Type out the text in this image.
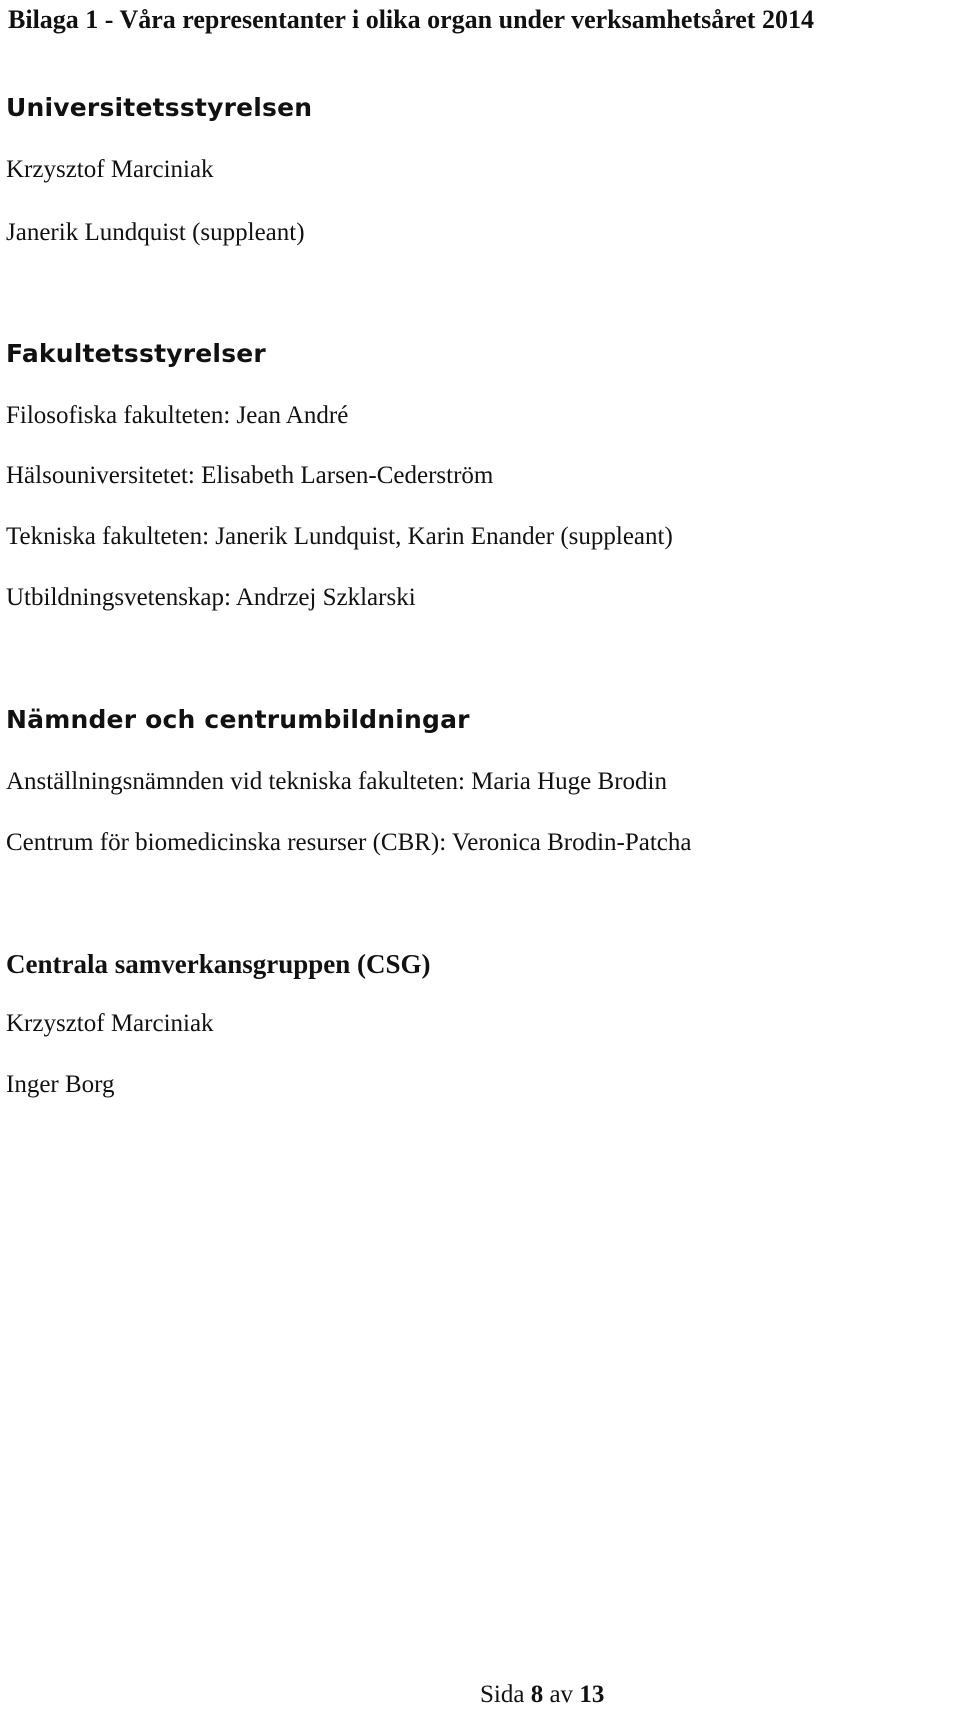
Bilaga 1 - Våra representanter i olika organ under verksamhetsåret 2014
Universitetsstyrelsen

Krzysztof Marciniak

Janerik Lundquist (suppleant)

Fakultetsstyrelser

Filosofiska fakulteten: Jean André

Hälsouniversitetet: Elisabeth Larsen-Cederström

Tekniska fakulteten: Janerik Lundquist, Karin Enander (suppleant)

Utbildningsvetenskap: Andrzej Szklarski

Nämnder och centrumbildningar

Anställningsnämnden vid tekniska fakulteten: Maria Huge Brodin

Centrum för biomedicinska resurser (CBR): Veronica Brodin-Patcha

Centrala samverkansgruppen (CSG)

Krzysztof Marciniak

Inger Borg

Sida 8 av 13
